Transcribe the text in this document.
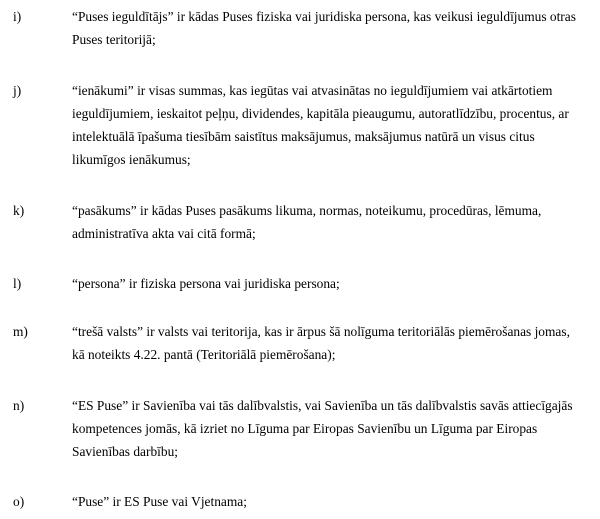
i)	“Puses ieguldītājs” ir kādas Puses fiziska vai juridiska persona, kas veikusi ieguldījumus otras
Puses teritorijā;
j)	“ienākumi” ir visas summas, kas iegūtas vai atvasinātas no ieguldījumiem vai atkārtotiem
ieguldījumiem, ieskaitot peļņu, dividendes, kapitāla pieaugumu, autoratlīdzību, procentus, ar
intelektuālā īpašuma tiesībām saistītus maksājumus, maksājumus natūrā un visus citus
likumīgos ienākumus;
k)	“pasākums” ir kādas Puses pasākums likuma, normas, noteikumu, procedūras, lēmuma,
administratīva akta vai citā formā;
l)	“persona” ir fiziska persona vai juridiska persona;
m)	“trešā valsts” ir valsts vai teritorija, kas ir ārpus šā nolīguma teritoriālās piemērošanas jomas,
kā noteikts 4.22. pantā (Teritoriālā piemērošana);
n)	“ES Puse” ir Savienība vai tās dalībvalstis, vai Savienība un tās dalībvalstis savās attiecīgajās
kompetences jomās, kā izriet no Līguma par Eiropas Savienību un Līguma par Eiropas
Savienības darbību;
o)	“Puse” ir ES Puse vai Vjetnama;
